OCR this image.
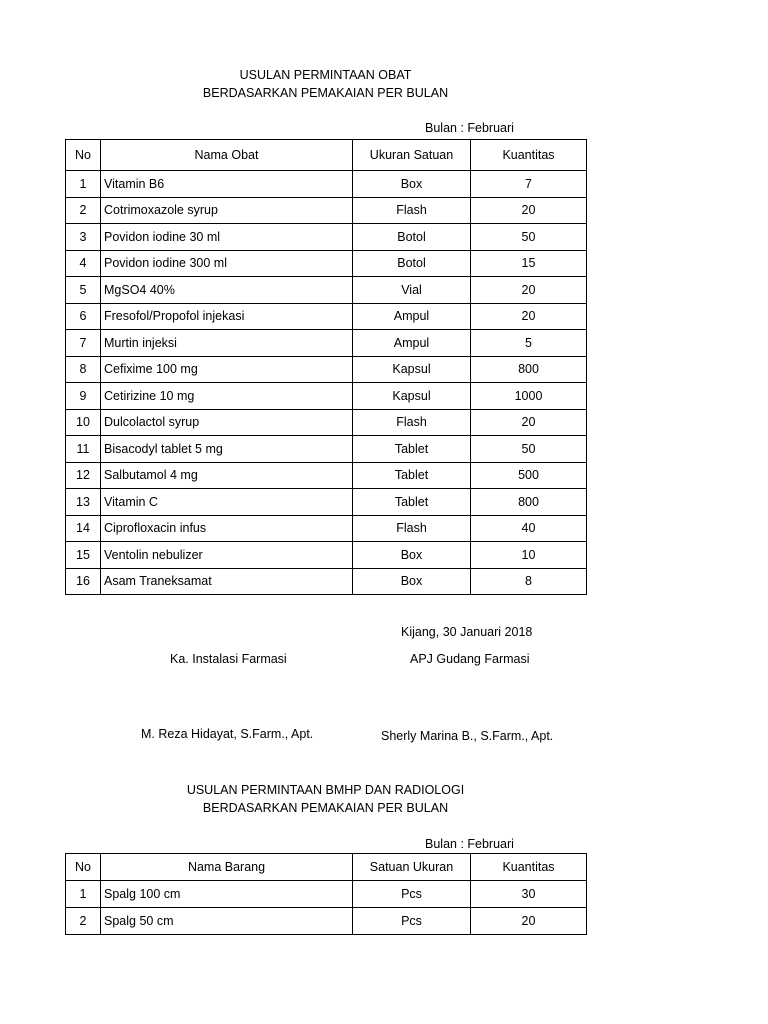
USULAN PERMINTAAN OBAT
BERDASARKAN PEMAKAIAN PER BULAN
Bulan : Februari
No	Nama Obat	Ukuran Satuan	Kuantitas
1	Vitamin B6	Box	7
2	Cotrimoxazole syrup	Flash	20
3	Povidon iodine 30 ml	Botol	50
4	Povidon iodine 300 ml	Botol	15
5	MgSO4 40%	Vial	20
6	Fresofol/Propofol injekasi	Ampul	20
7	Murtin injeksi	Ampul	5
8	Cefixime 100 mg	Kapsul	800
9	Cetirizine 10 mg	Kapsul	1000
10	Dulcolactol syrup	Flash	20
11	Bisacodyl tablet 5 mg	Tablet	50
12	Salbutamol 4 mg	Tablet	500
13	Vitamin C	Tablet	800
14	Ciprofloxacin infus	Flash	40
15	Ventolin nebulizer	Box	10
16	Asam Traneksamat	Box	8
Kijang, 30 Januari 2018
Ka. Instalasi Farmasi	APJ Gudang Farmasi
M. Reza Hidayat, S.Farm., Apt.	Sherly Marina B., S.Farm., Apt.
USULAN PERMINTAAN BMHP DAN RADIOLOGI
BERDASARKAN PEMAKAIAN PER BULAN
Bulan : Februari
No	Nama Barang	Satuan Ukuran	Kuantitas
1	Spalg 100 cm	Pcs	30
2	Spalg 50 cm	Pcs	20
